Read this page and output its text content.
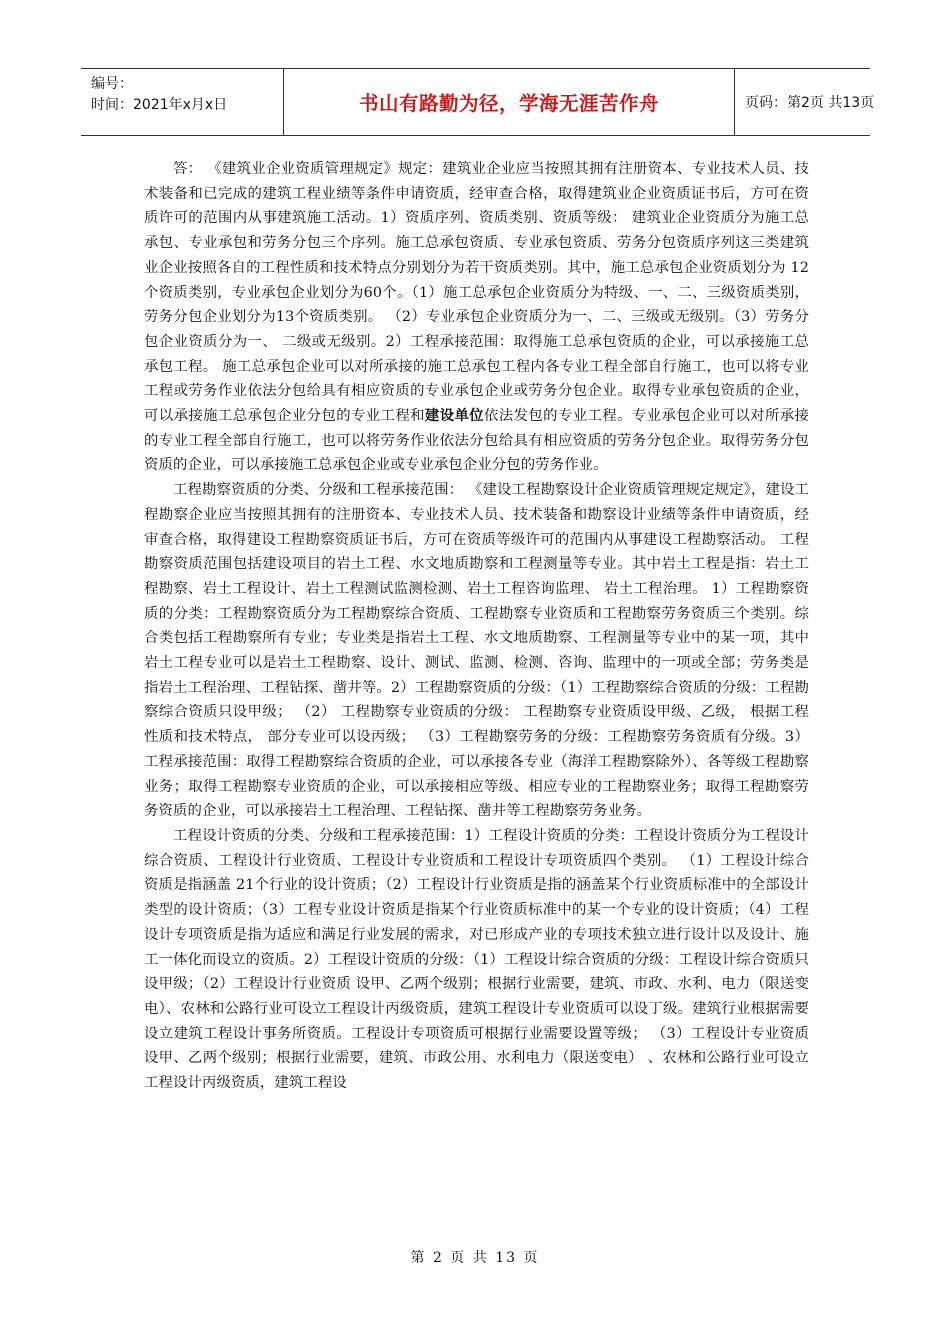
编号：
时间：2021年x月x日	书山有路勤为径，学海无涯苦作舟	页码：第2页 共13页

答： 《建筑业企业资质管理规定》规定：建筑业企业应当按照其拥有注册资本、专业技术人员、技术装备和已完成的建筑工程业绩等条件申请资质，经审查合格，取得建筑业企业资质证书后，方可在资质许可的范围内从事建筑施工活动。1）资质序列、资质类别、资质等级： 建筑业企业资质分为施工总承包、专业承包和劳务分包三个序列。施工总承包资质、专业承包资质、劳务分包资质序列这三类建筑业企业按照各自的工程性质和技术特点分别划分为若干资质类别。其中，施工总承包企业资质划分为 12个资质类别，专业承包企业划分为60个。（1）施工总承包企业资质分为特级、一、二、三级资质类别，劳务分包企业划分为13个资质类别。 （2）专业承包企业资质分为一、二、三级或无级别。（3）劳务分包企业资质分为一、 二级或无级别。2）工程承接范围：取得施工总承包资质的企业，可以承接施工总承包工程。 施工总承包企业可以对所承接的施工总承包工程内各专业工程全部自行施工，也可以将专业工程或劳务作业依法分包给具有相应资质的专业承包企业或劳务分包企业。取得专业承包资质的企业，可以承接施工总承包企业分包的专业工程和建设单位依法发包的专业工程。专业承包企业可以对所承接的专业工程全部自行施工，也可以将劳务作业依法分包给具有相应资质的劳务分包企业。取得劳务分包资质的企业，可以承接施工总承包企业或专业承包企业分包的劳务作业。

工程勘察资质的分类、分级和工程承接范围： 《建设工程勘察设计企业资质管理规定规定》，建设工程勘察企业应当按照其拥有的注册资本、专业技术人员、技术装备和勘察设计业绩等条件申请资质，经审查合格，取得建设工程勘察资质证书后，方可在资质等级许可的范围内从事建设工程勘察活动。 工程勘察资质范围包括建设项目的岩土工程、水文地质勘察和工程测量等专业。其中岩土工程是指：岩土工程勘察、岩土工程设计、岩土工程测试监测检测、岩土工程咨询监理、 岩土工程治理。 1）工程勘察资质的分类：工程勘察资质分为工程勘察综合资质、工程勘察专业资质和工程勘察劳务资质三个类别。综合类包括工程勘察所有专业；专业类是指岩土工程、水文地质勘察、工程测量等专业中的某一项，其中岩土工程专业可以是岩土工程勘察、设计、测试、监测、检测、咨询、监理中的一项或全部；劳务类是指岩土工程治理、工程钻探、凿井等。2）工程勘察资质的分级：（1）工程勘察综合资质的分级：工程勘察综合资质只设甲级； （2） 工程勘察专业资质的分级： 工程勘察专业资质设甲级、乙级， 根据工程性质和技术特点， 部分专业可以设丙级； （3）工程勘察劳务的分级：工程勘察劳务资质有分级。3）工程承接范围：取得工程勘察综合资质的企业，可以承接各专业（海洋工程勘察除外）、各等级工程勘察业务；取得工程勘察专业资质的企业，可以承接相应等级、相应专业的工程勘察业务；取得工程勘察劳务资质的企业，可以承接岩土工程治理、工程钻探、凿井等工程勘察劳务业务。

工程设计资质的分类、分级和工程承接范围：1）工程设计资质的分类：工程设计资质分为工程设计综合资质、工程设计行业资质、工程设计专业资质和工程设计专项资质四个类别。 （1）工程设计综合资质是指涵盖 21个行业的设计资质；（2）工程设计行业资质是指的涵盖某个行业资质标准中的全部设计类型的设计资质；（3）工程专业设计资质是指某个行业资质标准中的某一个专业的设计资质；（4）工程设计专项资质是指为适应和满足行业发展的需求，对已形成产业的专项技术独立进行设计以及设计、施工一体化而设立的资质。2）工程设计资质的分级：（1）工程设计综合资质的分级：工程设计综合资质只设甲级；（2）工程设计行业资质 设甲、乙两个级别；根据行业需要，建筑、市政、水利、电力（限送变电）、农林和公路行业可设立工程设计丙级资质，建筑工程设计专业资质可以设丁级。建筑行业根据需要设立建筑工程设计事务所资质。工程设计专项资质可根据行业需要设置等级； （3）工程设计专业资质 设甲、乙两个级别；根据行业需要，建筑、市政公用、水利电力（限送变电） 、农林和公路行业可设立工程设计丙级资质，建筑工程设

第 2 页 共 13 页
